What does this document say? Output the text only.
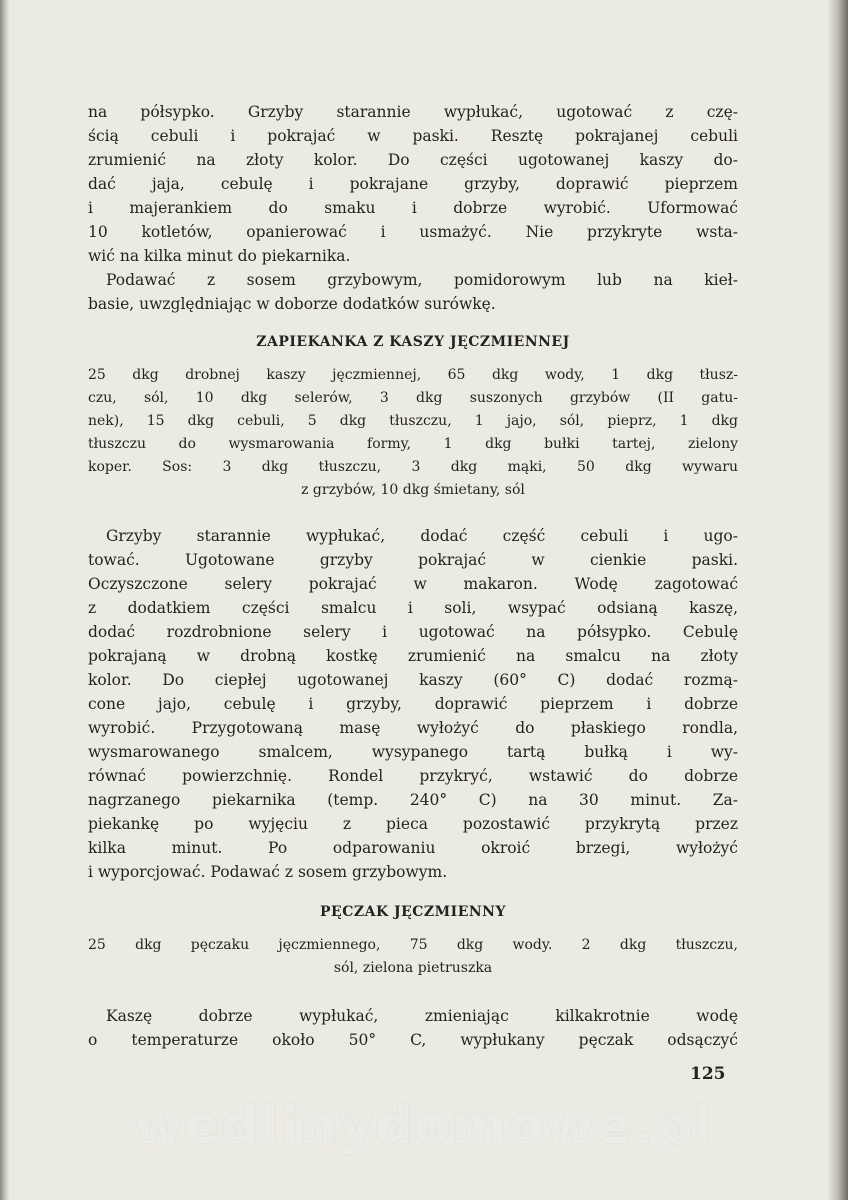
na półsypko. Grzyby starannie wypłukać, ugotować z czę-
ścią cebuli i pokrajać w paski. Resztę pokrajanej cebuli
zrumienić na złoty kolor. Do części ugotowanej kaszy do-
dać jaja, cebulę i pokrajane grzyby, doprawić pieprzem
i majerankiem do smaku i dobrze wyrobić. Uformować
10 kotletów, opanierować i usmażyć. Nie przykryte wsta-
wić na kilka minut do piekarnika.

Podawać z sosem grzybowym, pomidorowym lub na kieł-
basie, uwzględniając w doborze dodatków surówkę.

ZAPIEKANKA Z KASZY JĘCZMIENNEJ

25 dkg drobnej kaszy jęczmiennej, 65 dkg wody, 1 dkg tłusz-
czu, sól, 10 dkg selerów, 3 dkg suszonych grzybów (II gatu-
nek), 15 dkg cebuli, 5 dkg tłuszczu, 1 jajo, sól, pieprz, 1 dkg
tłuszczu do wysmarowania formy, 1 dkg bułki tartej, zielony
koper. Sos: 3 dkg tłuszczu, 3 dkg mąki, 50 dkg wywaru
z grzybów, 10 dkg śmietany, sól

Grzyby starannie wypłukać, dodać część cebuli i ugo-
tować. Ugotowane grzyby pokrajać w cienkie paski.
Oczyszczone selery pokrajać w makaron. Wodę zagotować
z dodatkiem części smalcu i soli, wsypać odsianą kaszę,
dodać rozdrobnione selery i ugotować na półsypko. Cebulę
pokrajaną w drobną kostkę zrumienić na smalcu na złoty
kolor. Do ciepłej ugotowanej kaszy (60° C) dodać rozmą-
cone jajo, cebulę i grzyby, doprawić pieprzem i dobrze
wyrobić. Przygotowaną masę wyłożyć do płaskiego rondla,
wysmarowanego smalcem, wysypanego tartą bułką i wy-
równać powierzchnię. Rondel przykryć, wstawić do dobrze
nagrzanego piekarnika (temp. 240° C) na 30 minut. Za-
piekankę po wyjęciu z pieca pozostawić przykrytą przez
kilka minut. Po odparowaniu okroić brzegi, wyłożyć
i wyporcjować. Podawać z sosem grzybowym.

PĘCZAK JĘCZMIENNY

25 dkg pęczaku jęczmiennego, 75 dkg wody. 2 dkg tłuszczu,
sól, zielona pietruszka

Kaszę dobrze wypłukać, zmieniając kilkakrotnie wodę
o temperaturze około 50° C, wypłukany pęczak odsączyć

125
wedlinydomowe.pl
